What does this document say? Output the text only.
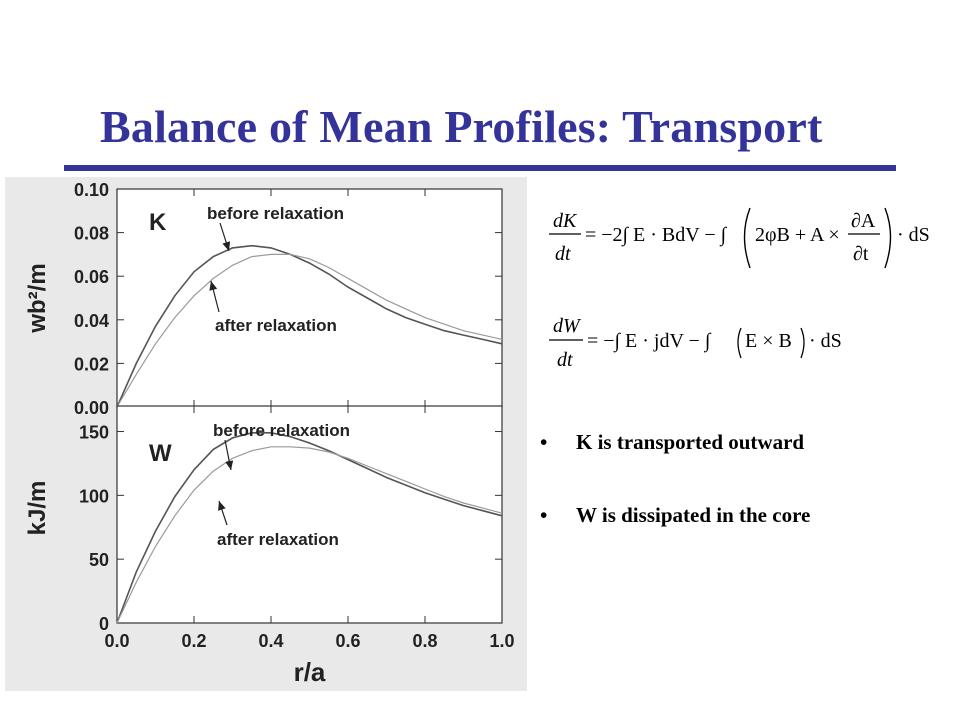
Balance of Mean Profiles: Transport
0.00
0.02
0.04
0.06
0.08
0.10
K before relaxation
after relaxation
wb²/m
0
50
100
150
W
before relaxation
after relaxation
kJ/m
0.0	0.2	0.4	0.6	0.8	1.0
r/a
dK
dt
= −2∫ E · BdV − ∫ 2φB + A ×
∂A
∂t
· dS
dW
dt
= −∫ E · jdV − ∫ E × B · dS
• K is transported outward
• W is dissipated in the core
